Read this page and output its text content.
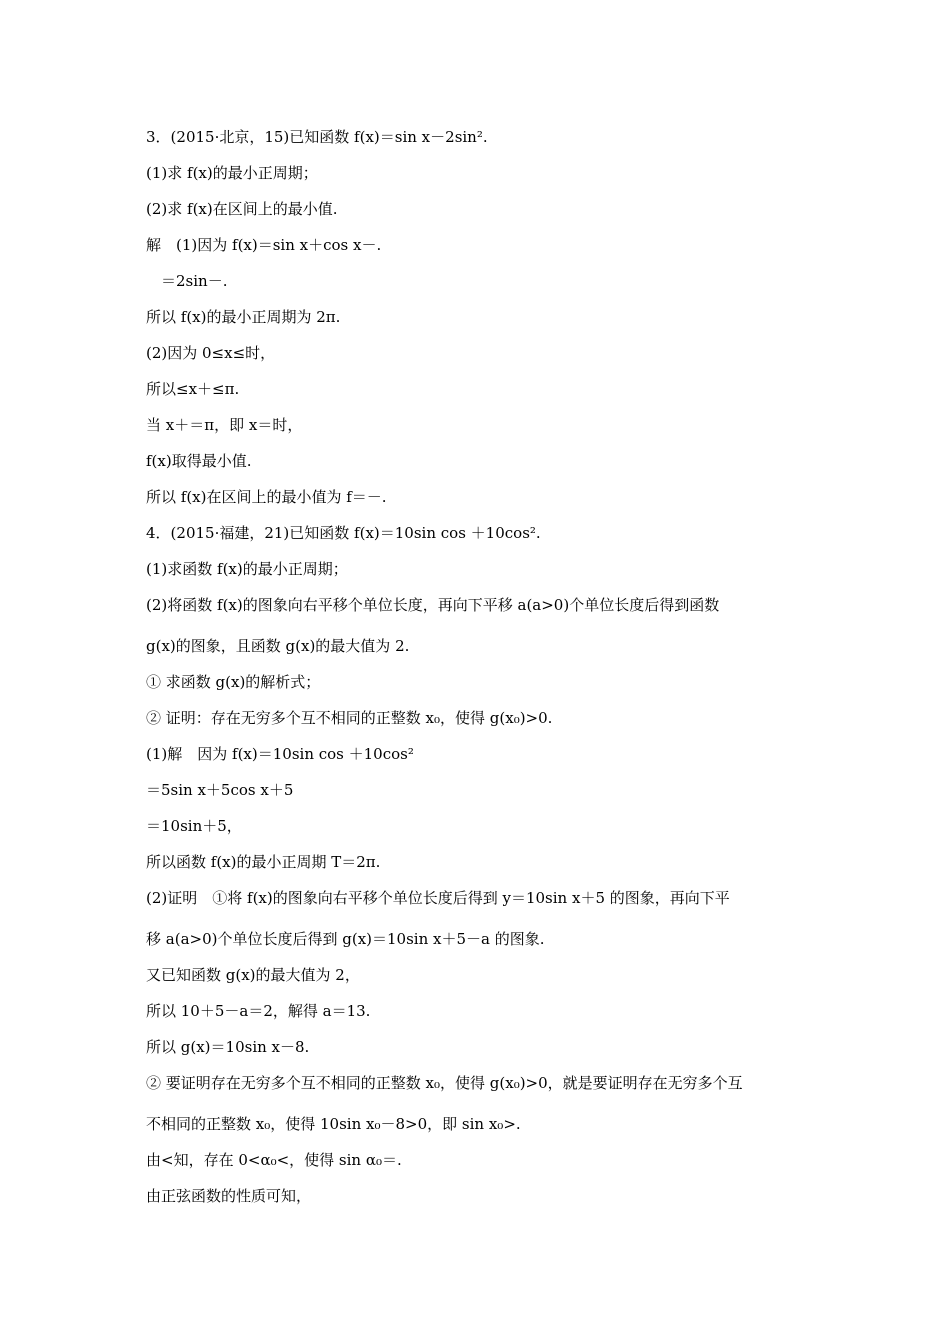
3．(2015·北京，15)已知函数 f(x)＝sin x－2sin².
(1)求 f(x)的最小正周期；
(2)求 f(x)在区间上的最小值.
解　(1)因为 f(x)＝sin x＋cos x－.
　＝2sin－.
所以 f(x)的最小正周期为 2π.
(2)因为 0≤x≤时，
所以≤x＋≤π.
当 x＋＝π，即 x＝时，
f(x)取得最小值.
所以 f(x)在区间上的最小值为 f＝－.
4．(2015·福建，21)已知函数 f(x)＝10sin cos ＋10cos².
(1)求函数 f(x)的最小正周期；
(2)将函数 f(x)的图象向右平移个单位长度，再向下平移 a(a>0)个单位长度后得到函数
g(x)的图象，且函数 g(x)的最大值为 2.
① 求函数 g(x)的解析式；
② 证明：存在无穷多个互不相同的正整数 x₀，使得 g(x₀)>0.
(1)解　因为 f(x)＝10sin cos ＋10cos²
＝5sin x＋5cos x＋5
＝10sin＋5，
所以函数 f(x)的最小正周期 T＝2π.
(2)证明　①将 f(x)的图象向右平移个单位长度后得到 y＝10sin x＋5 的图象，再向下平
移 a(a>0)个单位长度后得到 g(x)＝10sin x＋5－a 的图象.
又已知函数 g(x)的最大值为 2，
所以 10＋5－a＝2，解得 a＝13.
所以 g(x)＝10sin x－8.
② 要证明存在无穷多个互不相同的正整数 x₀，使得 g(x₀)>0，就是要证明存在无穷多个互
不相同的正整数 x₀，使得 10sin x₀－8>0，即 sin x₀>.
由<知，存在 0<α₀<，使得 sin α₀＝.
由正弦函数的性质可知，
